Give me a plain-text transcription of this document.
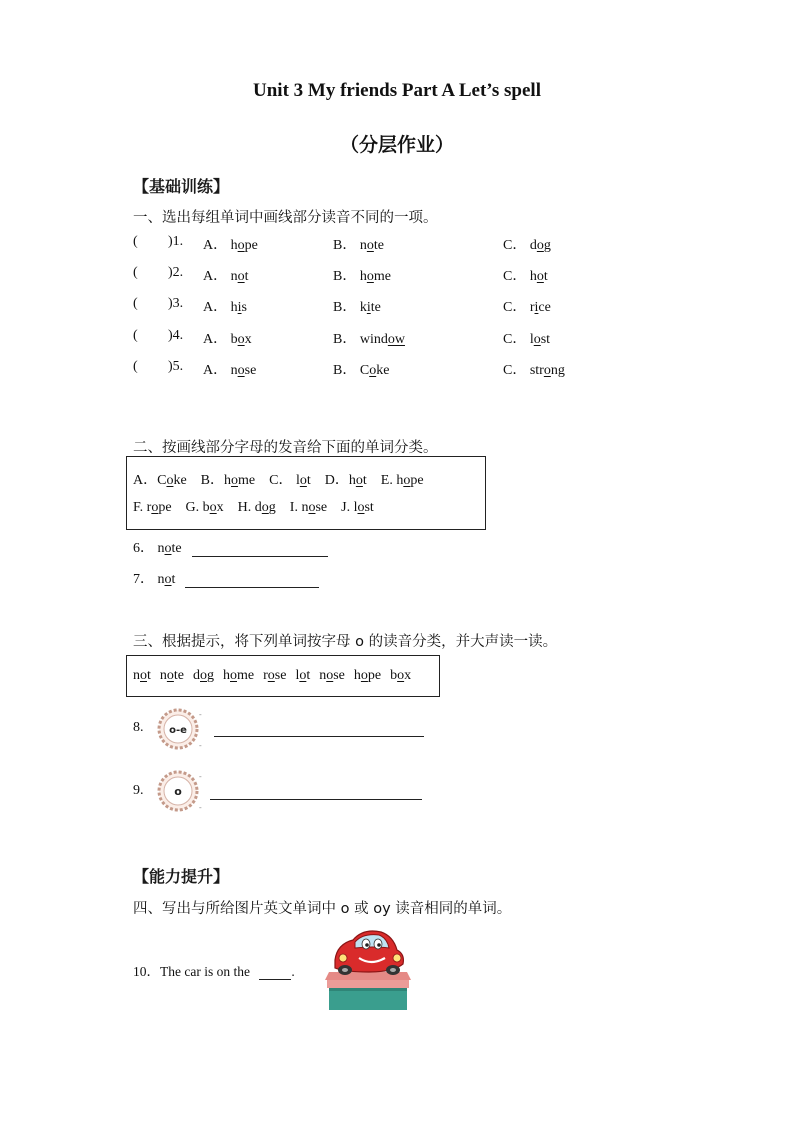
Unit 3 My friends Part A Let’s spell
（分层作业）
【基础训练】
一、选出每组单词中画线部分读音不同的一项。
( )1. A． hope	B． note	C． dog
( )2. A． not	B． home	C． hot
( )3. A． his	B． kite	C． rice
( )4. A． box	B． window	C． lost
( )5. A． nose	B． Coke	C． strong
二、按画线部分字母的发音给下面的单词分类。
A．Coke B．home C． lot D．hot E. hope
F. rope G. box H. dog I. nose J. lost
6． note
7． not
三、根据提示，将下列单词按字母 o 的读音分类，并大声读一读。
not note dog home rose lot nose hope box
8.	o-e
-
-
9.	o
-
-
【能力提升】
四、写出与所给图片英文单词中 o 或 oy 读音相同的单词。
10．The car is on the	.
